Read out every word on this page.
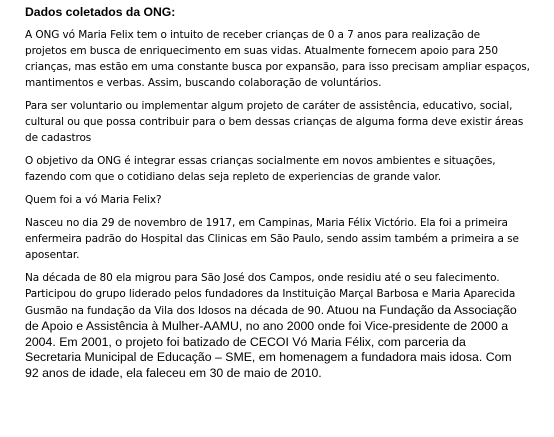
Dados coletados da ONG:
A ONG vó Maria Felix tem o intuito de receber crianças de 0 a 7 anos para realização de
projetos em busca de enriquecimento em suas vidas. Atualmente fornecem apoio para 250
crianças, mas estão em uma constante busca por expansão, para isso precisam ampliar espaços,
mantimentos e verbas. Assim, buscando colaboração de voluntários.
Para ser voluntario ou implementar algum projeto de caráter de assistência, educativo, social,
cultural ou que possa contribuir para o bem dessas crianças de alguma forma deve existir áreas
de cadastros
O objetivo da ONG é integrar essas crianças socialmente em novos ambientes e situações,
fazendo com que o cotidiano delas seja repleto de experiencias de grande valor.
Quem foi a vó Maria Felix?
Nasceu no dia 29 de novembro de 1917, em Campinas, Maria Félix Victório. Ela foi a primeira
enfermeira padrão do Hospital das Clinicas em São Paulo, sendo assim também a primeira a se
aposentar.
Na década de 80 ela migrou para São José dos Campos, onde residiu até o seu falecimento.
Participou do grupo liderado pelos fundadores da Instituição Marçal Barbosa e Maria Aparecida
Gusmão na fundação da Vila dos Idosos na década de 90. Atuou na Fundação da Associação
de Apoio e Assistência à Mulher-AAMU, no ano 2000 onde foi Vice-presidente de 2000 a
2004. Em 2001, o projeto foi batizado de CECOI Vó Maria Félix, com parceria da
Secretaria Municipal de Educação – SME, em homenagem a fundadora mais idosa. Com
92 anos de idade, ela faleceu em 30 de maio de 2010.
